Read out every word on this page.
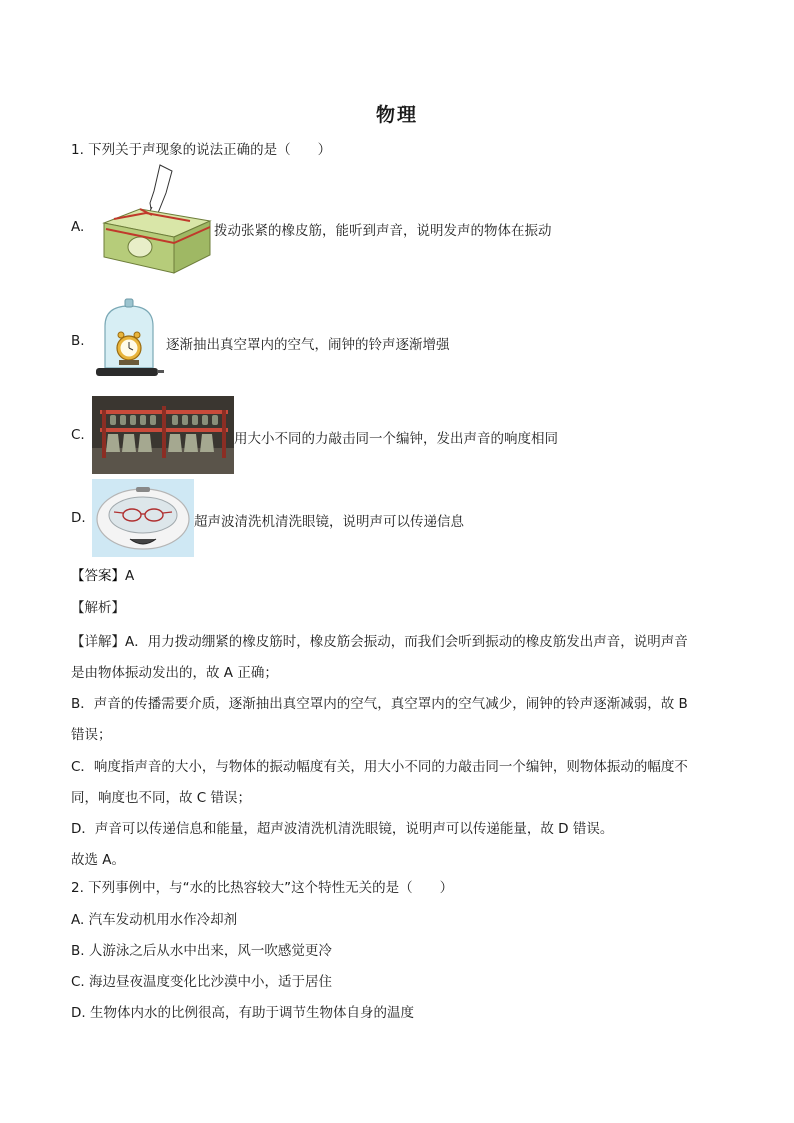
物理
1. 下列关于声现象的说法正确的是（　　）
A.	拨动张紧的橡皮筋，能听到声音，说明发声的物体在振动
B.	逐渐抽出真空罩内的空气，闹钟的铃声逐渐增强
C.	用大小不同的力敲击同一个编钟，发出声音的响度相同
D.	超声波清洗机清洗眼镜，说明声可以传递信息
【答案】A
【解析】
【详解】A．用力拨动绷紧的橡皮筋时，橡皮筋会振动，而我们会听到振动的橡皮筋发出声音，说明声音
是由物体振动发出的，故 A 正确；
B．声音的传播需要介质，逐渐抽出真空罩内的空气，真空罩内的空气减少，闹钟的铃声逐渐减弱，故 B
错误；
C．响度指声音的大小，与物体的振动幅度有关，用大小不同的力敲击同一个编钟，则物体振动的幅度不
同，响度也不同，故 C 错误；
D．声音可以传递信息和能量，超声波清洗机清洗眼镜，说明声可以传递能量，故 D 错误。
故选 A。
2. 下列事例中，与“水的比热容较大”这个特性无关的是（　　）
A. 汽车发动机用水作冷却剂
B. 人游泳之后从水中出来，风一吹感觉更冷
C. 海边昼夜温度变化比沙漠中小，适于居住
D. 生物体内水的比例很高，有助于调节生物体自身的温度
